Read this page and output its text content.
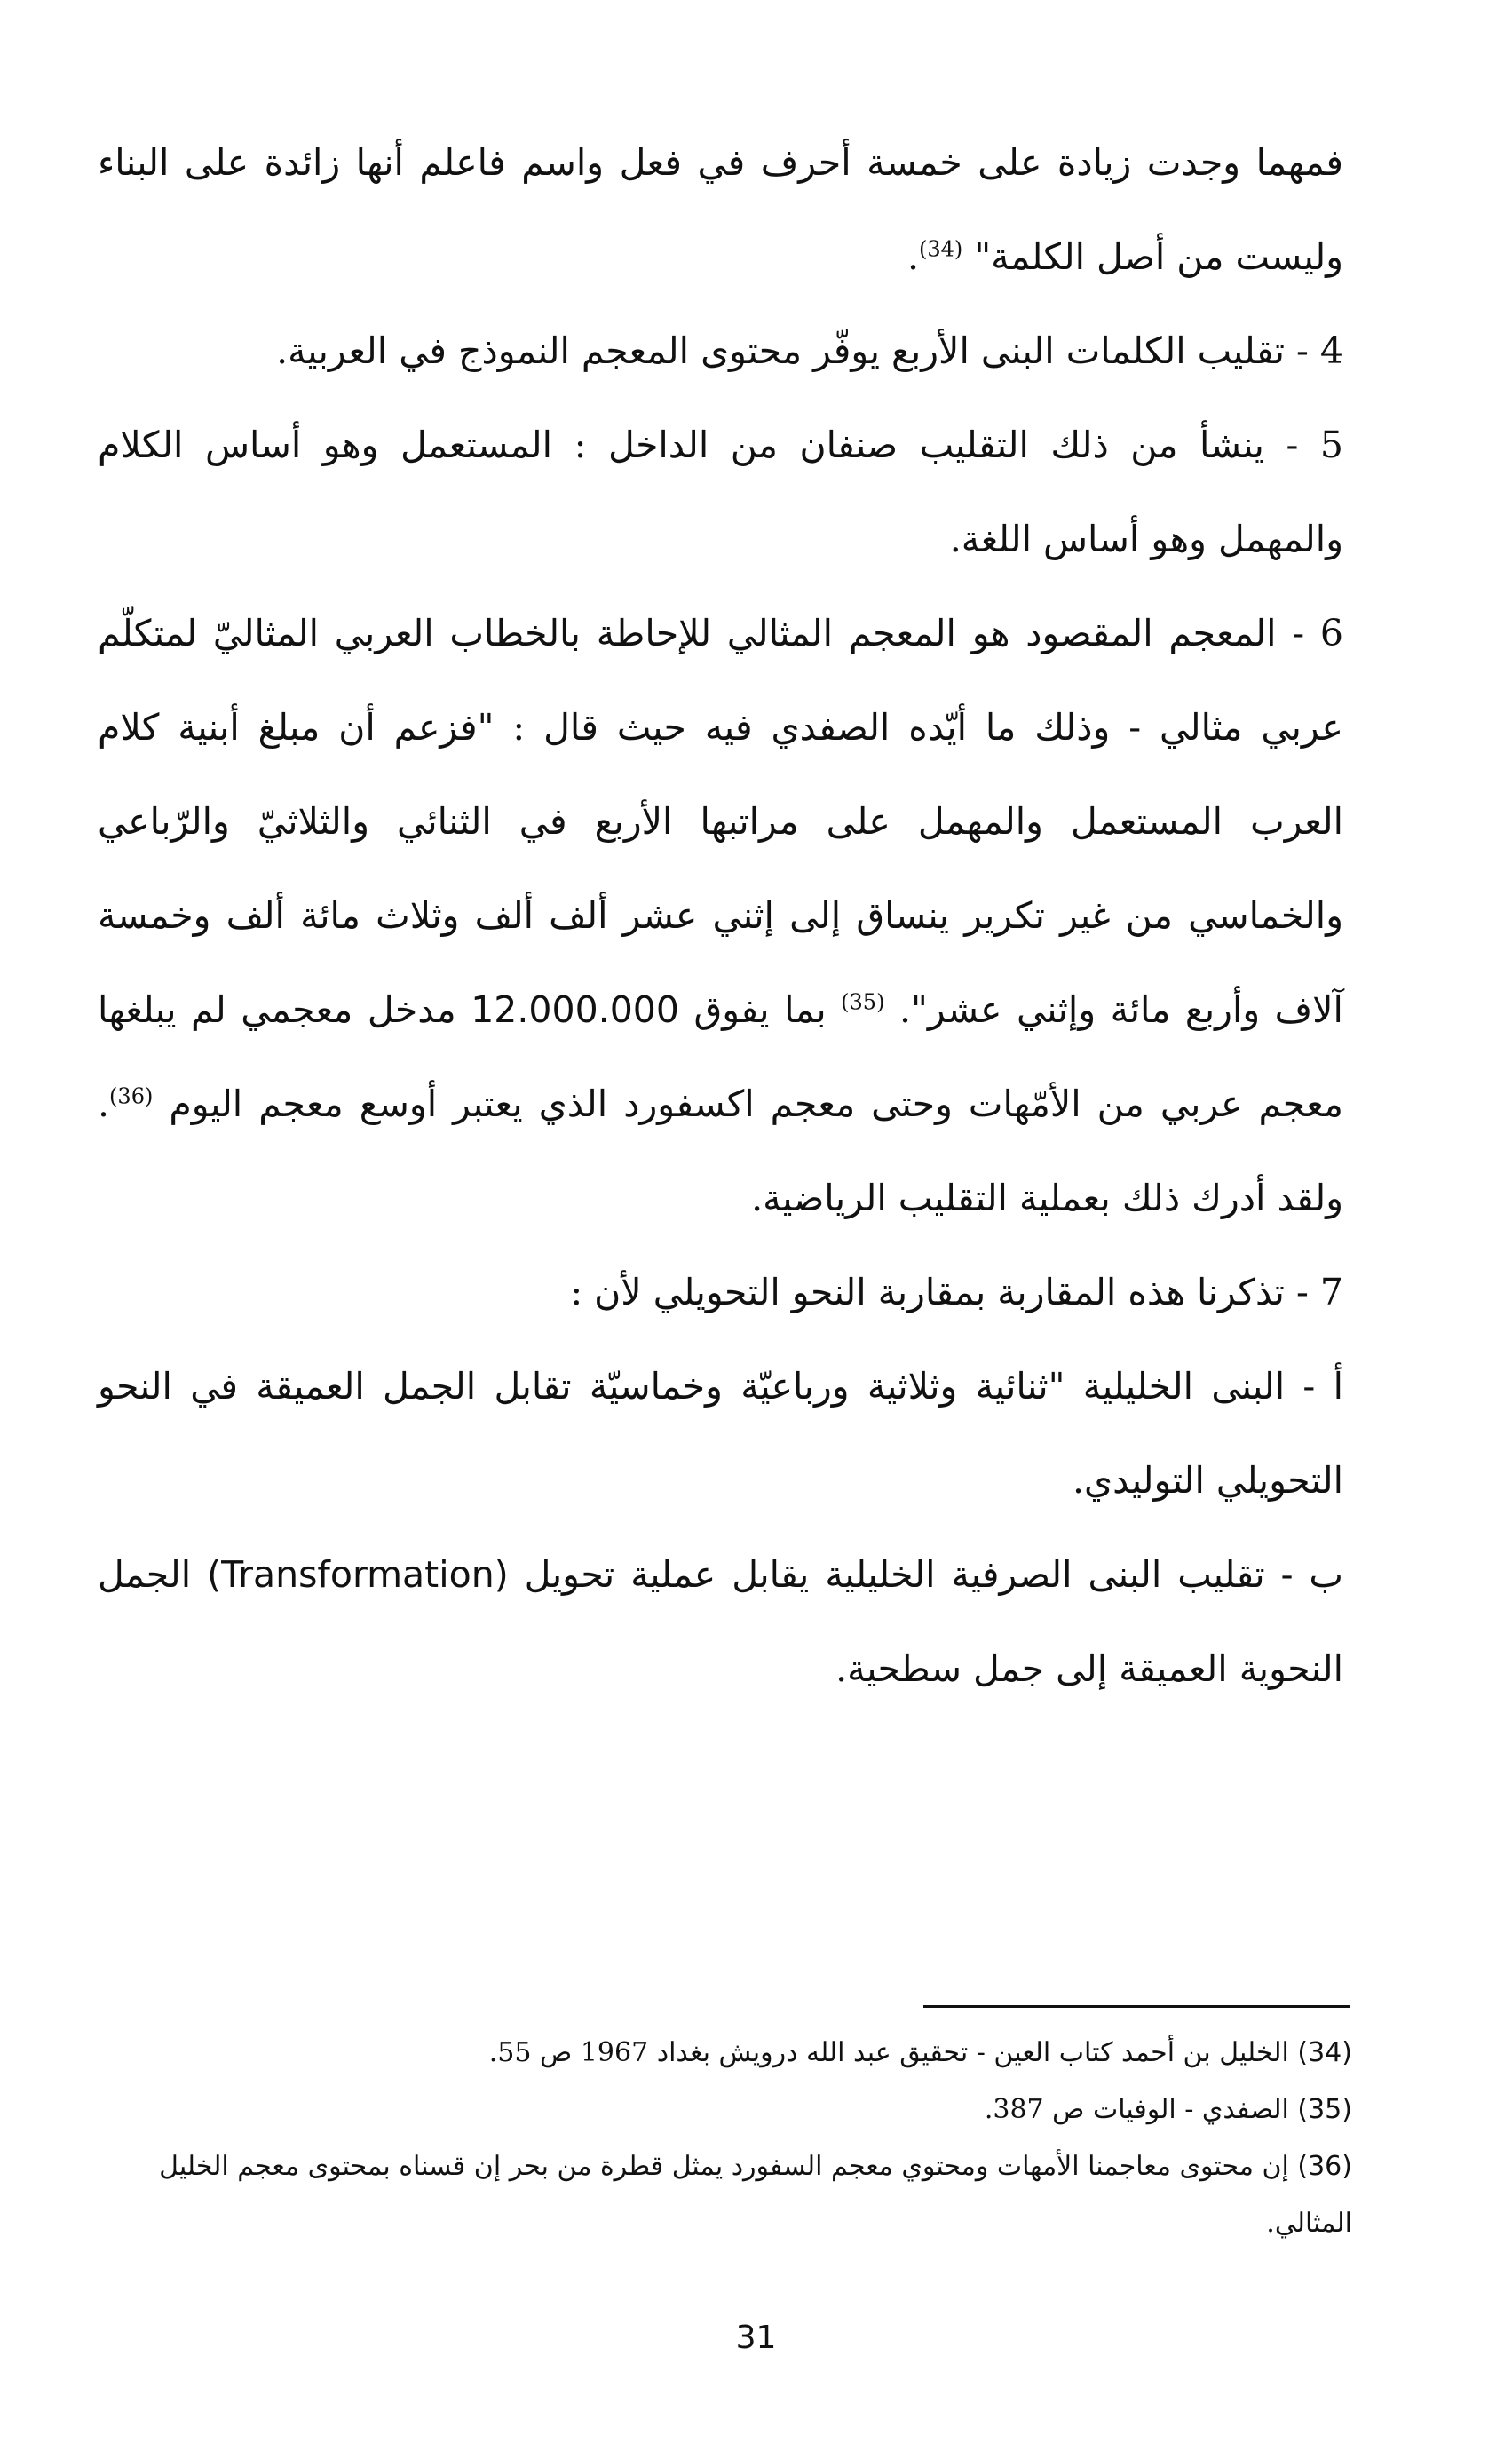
فمهما وجدت زيادة على خمسة أحرف في فعل واسم فاعلم أنها زائدة على البناء وليست من أصل الكلمة" $^{(34)}$.

4 - تقليب الكلمات البنى الأربع يوفّر محتوى المعجم النموذج في العربية.

5 - ينشأ من ذلك التقليب صنفان من الداخل : المستعمل وهو أساس الكلام والمهمل وهو أساس اللغة.

6 - المعجم المقصود هو المعجم المثالي للإحاطة بالخطاب العربي المثاليّ لمتكلّم عربي مثالي - وذلك ما أيّده الصفدي فيه حيث قال : "فزعم أن مبلغ أبنية كلام العرب المستعمل والمهمل على مراتبها الأربع في الثنائي والثلاثيّ والرّباعي والخماسي من غير تكرير ينساق إلى إثني عشر ألف ألف وثلاث مائة ألف وخمسة آلاف وأربع مائة وإثني عشر". $^{(35)}$ بما يفوق 12.000.000 مدخل معجمي لم يبلغها معجم عربي من الأمّهات وحتى معجم اكسفورد الذي يعتبر أوسع معجم اليوم $^{(36)}$. ولقد أدرك ذلك بعملية التقليب الرياضية.

7 - تذكرنا هذه المقاربة بمقاربة النحو التحويلي لأن :

أ - البنى الخليلية "ثنائية وثلاثية ورباعيّة وخماسيّة تقابل الجمل العميقة في النحو التحويلي التوليدي.

ب - تقليب البنى الصرفية الخليلية يقابل عملية تحويل (Transformation) الجمل النحوية العميقة إلى جمل سطحية.

(34) الخليل بن أحمد كتاب العين - تحقيق عبد الله درويش بغداد 1967 ص 55.

(35) الصفدي - الوفيات ص 387.

(36) إن محتوى معاجمنا الأمهات ومحتوي معجم السفورد يمثل قطرة من بحر إن قسناه بمحتوى معجم الخليل المثالي.

31
